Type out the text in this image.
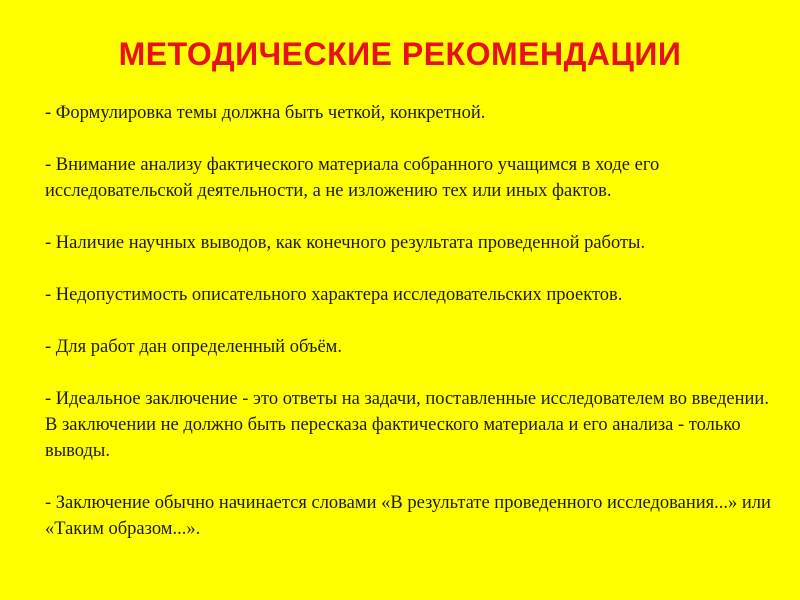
МЕТОДИЧЕСКИЕ РЕКОМЕНДАЦИИ

- Формулировка темы должна быть четкой, конкретной.

- Внимание анализу фактического материала собранного учащимся в ходе его исследовательской деятельности, а не изложению тех или иных фактов.

- Наличие научных выводов, как конечного результата проведенной работы.

- Недопустимость описательного характера исследовательских проектов.

- Для работ дан определенный объём.

- Идеальное заключение - это ответы на задачи, поставленные исследователем во введении. В заключении не должно быть пересказа фактического материала и его анализа - только выводы.

- Заключение обычно начинается словами «В результате проведенного исследования...» или «Таким образом...».
